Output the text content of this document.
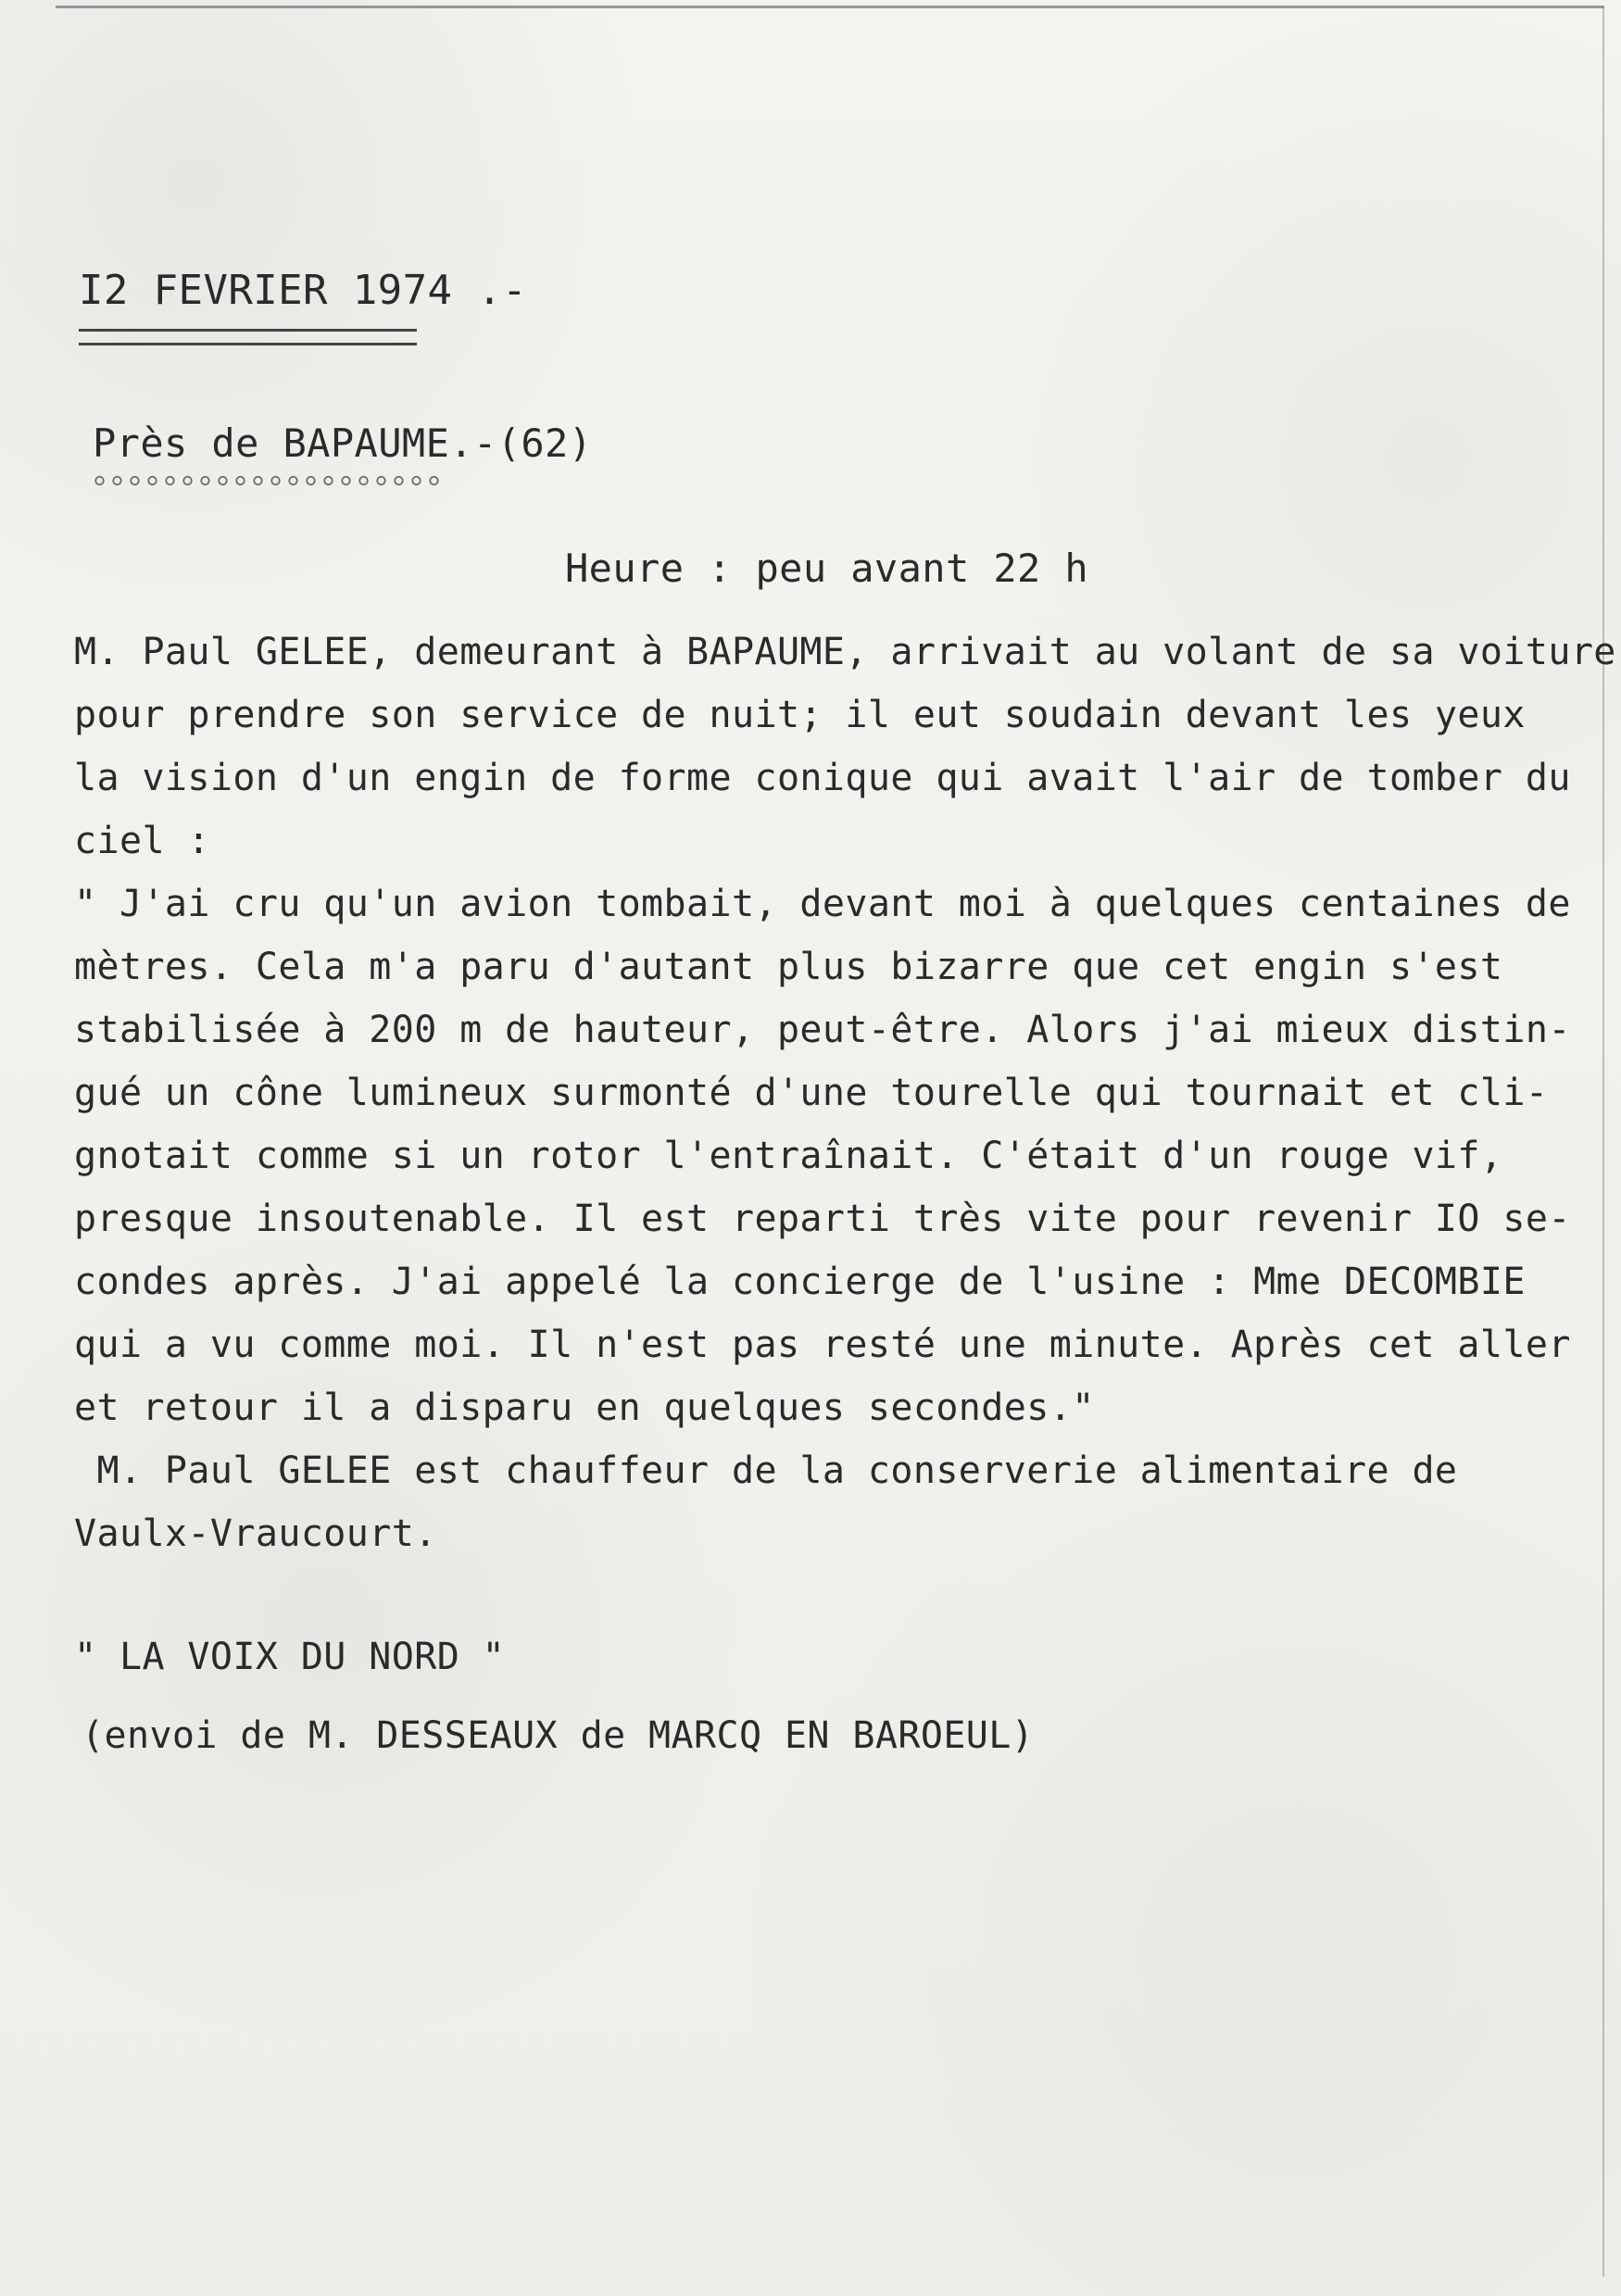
I2 FEVRIER 1974 .-
Près de BAPAUME.-(62)
Heure : peu avant 22 h
M. Paul GELEE, demeurant à BAPAUME, arrivait au volant de sa voiture
pour prendre son service de nuit; il eut soudain devant les yeux
la vision d'un engin de forme conique qui avait l'air de tomber du
ciel :
" J'ai cru qu'un avion tombait, devant moi à quelques centaines de
mètres. Cela m'a paru d'autant plus bizarre que cet engin s'est
stabilisée à 200 m de hauteur, peut-être. Alors j'ai mieux distin-
gué un cône lumineux surmonté d'une tourelle qui tournait et cli-
gnotait comme si un rotor l'entraînait. C'était d'un rouge vif,
presque insoutenable. Il est reparti très vite pour revenir IO se-
condes après. J'ai appelé la concierge de l'usine : Mme DECOMBIE
qui a vu comme moi. Il n'est pas resté une minute. Après cet aller
et retour il a disparu en quelques secondes."
M. Paul GELEE est chauffeur de la conserverie alimentaire de
Vaulx-Vraucourt.
" LA VOIX DU NORD "
(envoi de M. DESSEAUX de MARCQ EN BAROEUL)
